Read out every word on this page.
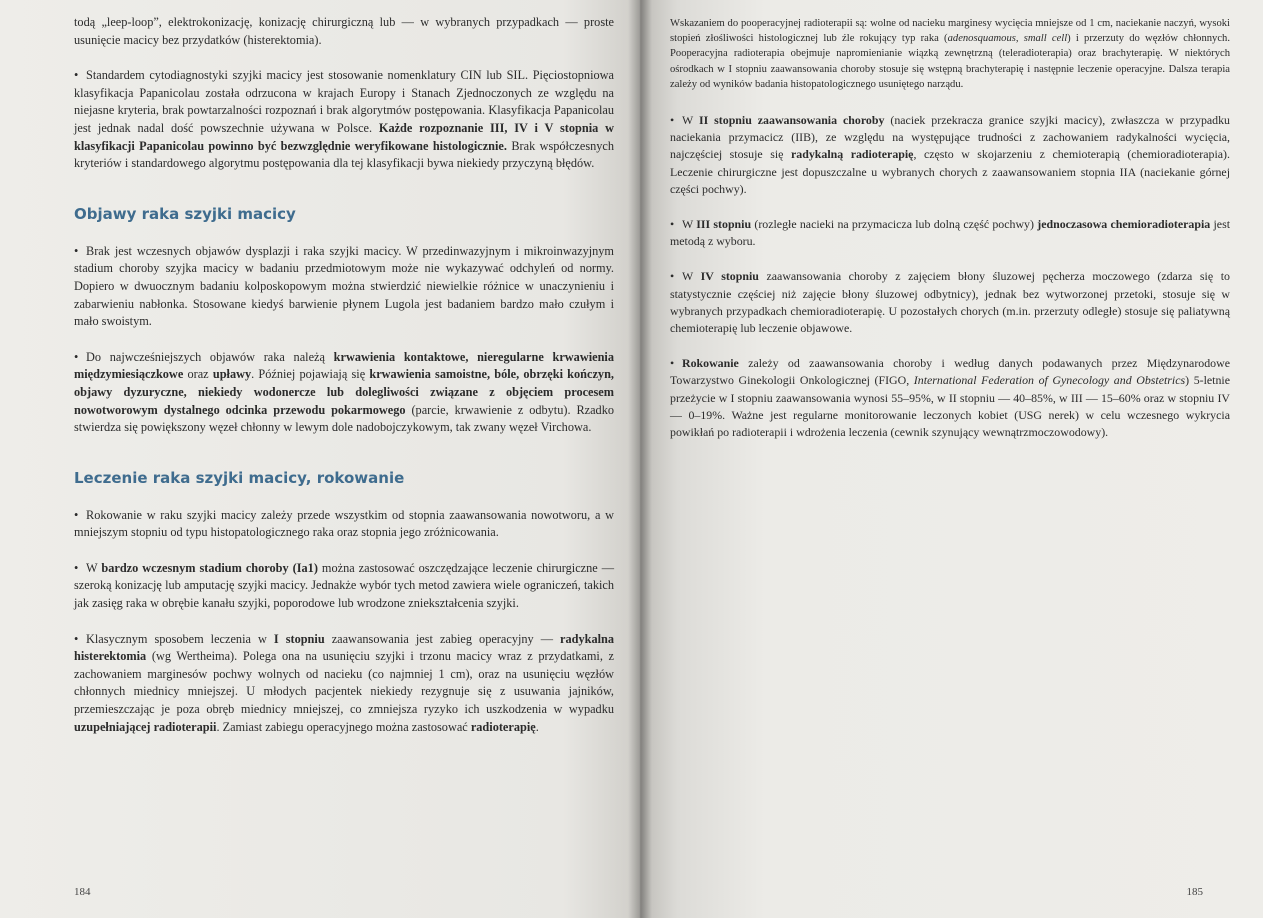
todą „leep-loop”, elektrokonizację, konizację chirurgiczną lub — w wybranych przypadkach — proste usunięcie macicy bez przydatków (histerektomia).

• Standardem cytodiagnostyki szyjki macicy jest stosowanie nomenklatury CIN lub SIL. Pięciostopniowa klasyfikacja Papanicolau została odrzucona w krajach Europy i Stanach Zjednoczonych ze względu na niejasne kryteria, brak powtarzalności rozpoznań i brak algorytmów postępowania. Klasyfikacja Papanicolau jest jednak nadal dość powszechnie używana w Polsce. Każde rozpoznanie III, IV i V stopnia w klasyfikacji Papanicolau powinno być bezwzględnie weryfikowane histologicznie. Brak współczesnych kryteriów i standardowego algorytmu postępowania dla tej klasyfikacji bywa niekiedy przyczyną błędów.

Objawy raka szyjki macicy

• Brak jest wczesnych objawów dysplazji i raka szyjki macicy. W przedinwazyjnym i mikroinwazyjnym stadium choroby szyjka macicy w badaniu przedmiotowym może nie wykazywać odchyleń od normy. Dopiero w dwuocznym badaniu kolposkopowym można stwierdzić niewielkie różnice w unaczynieniu i zabarwieniu nabłonka. Stosowane kiedyś barwienie płynem Lugola jest badaniem bardzo mało czułym i mało swoistym.

• Do najwcześniejszych objawów raka należą krwawienia kontaktowe, nieregularne krwawienia międzymiesiączkowe oraz upławy. Później pojawiają się krwawienia samoistne, bóle, obrzęki kończyn, objawy dyzuryczne, niekiedy wodonercze lub dolegliwości związane z objęciem procesem nowotworowym dystalnego odcinka przewodu pokarmowego (parcie, krwawienie z odbytu). Rzadko stwierdza się powiększony węzeł chłonny w lewym dole nadobojczykowym, tak zwany węzeł Virchowa.

Leczenie raka szyjki macicy, rokowanie

• Rokowanie w raku szyjki macicy zależy przede wszystkim od stopnia zaawansowania nowotworu, a w mniejszym stopniu od typu histopatologicznego raka oraz stopnia jego zróżnicowania.

• W bardzo wczesnym stadium choroby (Ia1) można zastosować oszczędzające leczenie chirurgiczne — szeroką konizację lub amputację szyjki macicy. Jednakże wybór tych metod zawiera wiele ograniczeń, takich jak zasięg raka w obrębie kanału szyjki, poporodowe lub wrodzone zniekształcenia szyjki.

• Klasycznym sposobem leczenia w I stopniu zaawansowania jest zabieg operacyjny — radykalna histerektomia (wg Wertheima). Polega ona na usunięciu szyjki i trzonu macicy wraz z przydatkami, z zachowaniem marginesów pochwy wolnych od nacieku (co najmniej 1 cm), oraz na usunięciu węzłów chłonnych miednicy mniejszej. U młodych pacjentek niekiedy rezygnuje się z usuwania jajników, przemieszczając je poza obręb miednicy mniejszej, co zmniejsza ryzyko ich uszkodzenia w wypadku uzupełniającej radioterapii. Zamiast zabiegu operacyjnego można zastosować radioterapię.

184

Wskazaniem do pooperacyjnej radioterapii są: wolne od nacieku marginesy wycięcia mniejsze od 1 cm, naciekanie naczyń, wysoki stopień złośliwości histologicznej lub źle rokujący typ raka (adenosquamous, small cell) i przerzuty do węzłów chłonnych. Pooperacyjna radioterapia obejmuje napromienianie wiązką zewnętrzną (teleradioterapia) oraz brachyterapię. W niektórych ośrodkach w I stopniu zaawansowania choroby stosuje się wstępną brachyterapię i następnie leczenie operacyjne. Dalsza terapia zależy od wyników badania histopatologicznego usuniętego narządu.

• W II stopniu zaawansowania choroby (naciek przekracza granice szyjki macicy), zwłaszcza w przypadku naciekania przymacicz (IIB), ze względu na występujące trudności z zachowaniem radykalności wycięcia, najczęściej stosuje się radykalną radioterapię, często w skojarzeniu z chemioterapią (chemioradioterapia). Leczenie chirurgiczne jest dopuszczalne u wybranych chorych z zaawansowaniem stopnia IIA (naciekanie górnej części pochwy).

• W III stopniu (rozległe nacieki na przymacicza lub dolną część pochwy) jednoczasowa chemioradioterapia jest metodą z wyboru.

• W IV stopniu zaawansowania choroby z zajęciem błony śluzowej pęcherza moczowego (zdarza się to statystycznie częściej niż zajęcie błony śluzowej odbytnicy), jednak bez wytworzonej przetoki, stosuje się w wybranych przypadkach chemioradioterapię. U pozostałych chorych (m.in. przerzuty odległe) stosuje się paliatywną chemioterapię lub leczenie objawowe.

• Rokowanie zależy od zaawansowania choroby i według danych podawanych przez Międzynarodowe Towarzystwo Ginekologii Onkologicznej (FIGO, International Federation of Gynecology and Obstetrics) 5-letnie przeżycie w I stopniu zaawansowania wynosi 55–95%, w II stopniu — 40–85%, w III — 15–60% oraz w stopniu IV — 0–19%. Ważne jest regularne monitorowanie leczonych kobiet (USG nerek) w celu wczesnego wykrycia powikłań po radioterapii i wdrożenia leczenia (cewnik szynujący wewnątrzmoczowodowy).

185
